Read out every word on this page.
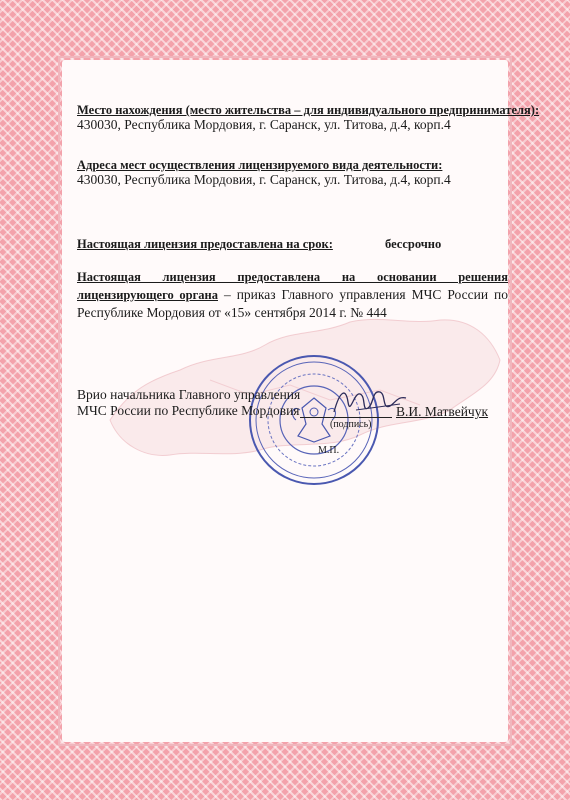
Место нахождения (место жительства – для индивидуального предпринимателя):
430030, Республика Мордовия, г. Саранск, ул. Титова, д.4, корп.4
Адреса мест осуществления лицензируемого вида деятельности:
430030, Республика Мордовия, г. Саранск, ул. Титова, д.4, корп.4
Настоящая лицензия предоставлена на срок:	бессрочно
Настоящая лицензия предоставлена на основании решения лицензирующего органа – приказ Главного управления МЧС России по Республике Мордовия от «15» сентября 2014 г. № 444
Врио начальника Главного управления
МЧС России по Республике Мордовия	В.И. Матвейчук
(подпись)
М.П.
